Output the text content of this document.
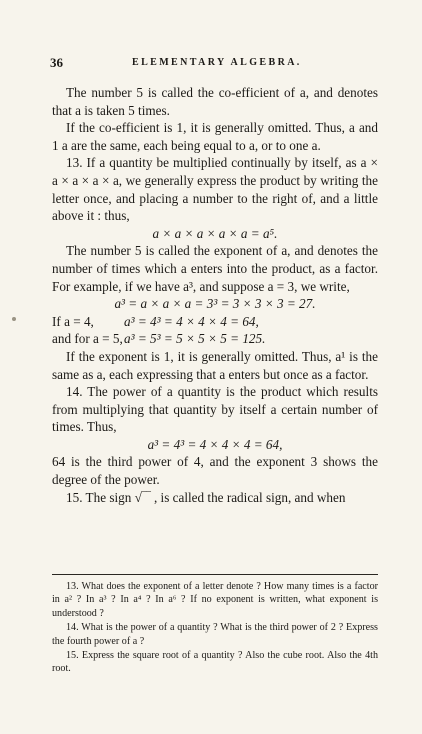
36	ELEMENTARY ALGEBRA.

The number 5 is called the co-efficient of a, and denotes that a is taken 5 times.

If the co-efficient is 1, it is generally omitted. Thus, a and 1 a are the same, each being equal to a, or to one a.

13. If a quantity be multiplied continually by itself, as a × a × a × a × a, we generally express the product by writing the letter once, and placing a number to the right of, and a little above it : thus,

a × a × a × a × a = a⁵.

The number 5 is called the exponent of a, and denotes the number of times which a enters into the product, as a factor. For example, if we have a³, and suppose a = 3, we write,

a³ = a × a × a = 3³ = 3 × 3 × 3 = 27.

If a = 4, a³ = 4³ = 4 × 4 × 4 = 64,

and for a = 5,a³ = 5³ = 5 × 5 × 5 = 125.

If the exponent is 1, it is generally omitted. Thus, a¹ is the same as a, each expressing that a enters but once as a factor.

14. The power of a quantity is the product which results from multiplying that quantity by itself a certain number of times. Thus,

a³ = 4³ = 4 × 4 × 4 = 64,

64 is the third power of 4, and the exponent 3 shows the degree of the power.

15. The sign √‾‾ , is called the radical sign, and when

13. What does the exponent of a letter denote ? How many times is a factor in a² ? In a³ ? In a⁴ ? In a⁶ ? If no exponent is written, what exponent is understood ?

14. What is the power of a quantity ? What is the third power of 2 ? Express the fourth power of a ?

15. Express the square root of a quantity ? Also the cube root. Also the 4th root.
